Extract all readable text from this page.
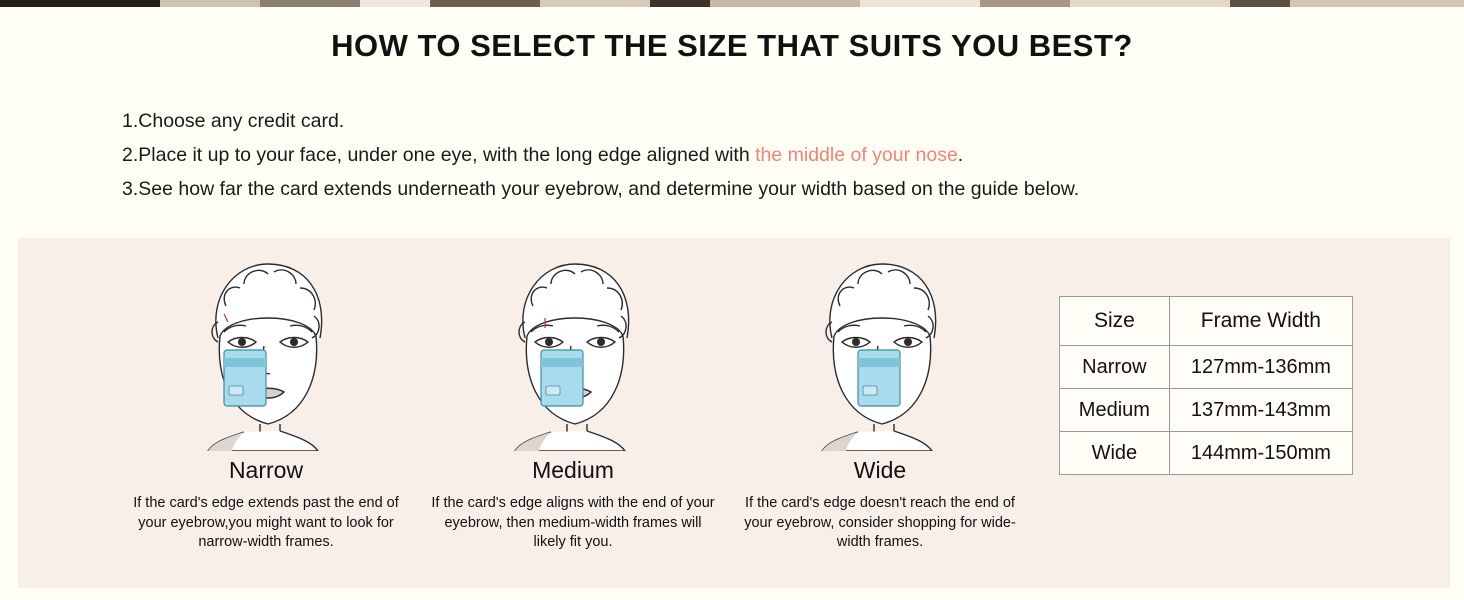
HOW TO SELECT THE SIZE THAT SUITS YOU BEST?
1.Choose any credit card.
2.Place it up to your face, under one eye, with the long edge aligned with the middle of your nose.
3.See how far the card extends underneath your eyebrow, and determine your width based on the guide below.
Narrow
If the card's edge extends past the end of your eyebrow,you might want to look for narrow-width frames.
Medium
If the card's edge aligns with the end of your eyebrow, then medium-width frames will likely fit you.
Wide
If the card's edge doesn't reach the end of your eyebrow, consider shopping for wide-width frames.
Size	Frame Width
Narrow	127mm-136mm
Medium	137mm-143mm
Wide	144mm-150mm
